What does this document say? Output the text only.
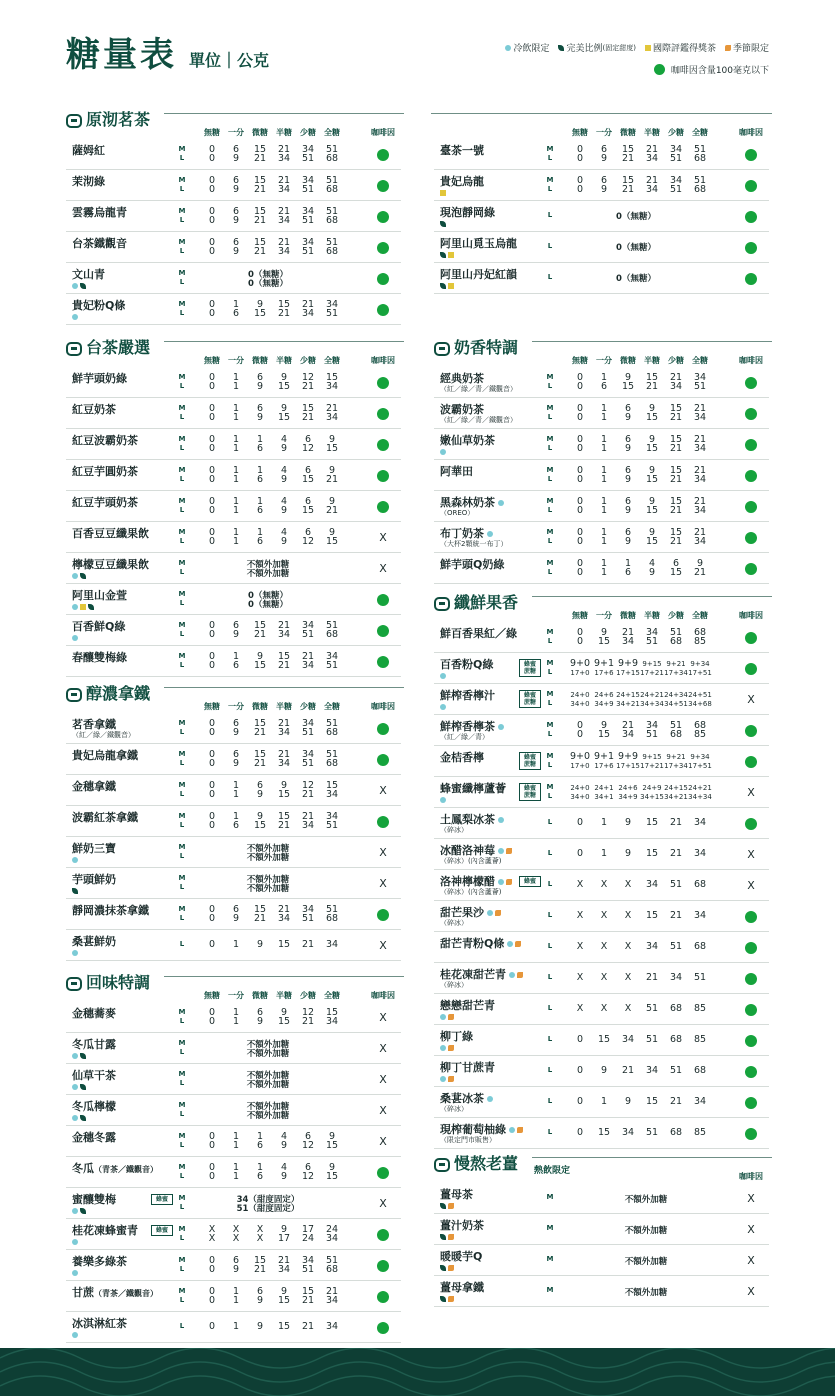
糖量表 單位｜公克
冷飲限定 完美比例 (固定甜度) 國際評鑑得獎茶 季節限定
咖啡因含量100毫克以下
原沏茗茶
無糖	一分	微糖	半糖	少糖	全糖	咖啡因
薩姆紅	M	0	6	15	21	34	51
L	0	9	21	34	51	68
茉沏綠	M	0	6	15	21	34	51
L	0	9	21	34	51	68
雲霧烏龍青	M	0	6	15	21	34	51
L	0	9	21	34	51	68
台茶鐵觀音	M	0	6	15	21	34	51
L	0	9	21	34	51	68
文山青	M	0（無糖）
L	0（無糖）
貴妃粉Q條	M	0	1	9	15	21	34
L	0	6	15	21	34	51
台茶嚴選
無糖	一分	微糖	半糖	少糖	全糖	咖啡因
鮮芋頭奶綠	M	0	1	6	9	12	15
L	0	1	9	15	21	34
紅豆奶茶	M	0	1	6	9	15	21
L	0	1	9	15	21	34
紅豆波霸奶茶	M	0	1	1	4	6	9
L	0	1	6	9	12	15
紅豆芋圓奶茶	M	0	1	1	4	6	9
L	0	1	6	9	15	21
紅豆芋頭奶茶	M	0	1	1	4	6	9
L	0	1	6	9	15	21
百香豆豆纖果飲	M	0	1	1	4	6	9
L	0	1	6	9	12	15	X
檸檬豆豆纖果飲	M	不額外加糖
L	不額外加糖	X
阿里山金萱	M	0（無糖）
L	0（無糖）
百香鮮Q綠	M	0	6	15	21	34	51
L	0	9	21	34	51	68
春釀雙梅綠	M	0	1	9	15	21	34
L	0	6	15	21	34	51
醇濃拿鐵
無糖	一分	微糖	半糖	少糖	全糖	咖啡因
茗香拿鐵
（紅／綠／鐵觀音）
M	0	6	15	21	34	51
L	0	9	21	34	51	68
貴妃烏龍拿鐵	M	0	6	15	21	34	51
L	0	9	21	34	51	68
金穗拿鐵	M	0	1	6	9	12	15
L	0	1	9	15	21	34	X
波霸紅茶拿鐵	M	0	1	9	15	21	34
L	0	6	15	21	34	51
鮮奶三寶	M	不額外加糖
L	不額外加糖	X
芋頭鮮奶	M	不額外加糖
L	不額外加糖	X
靜岡濃抹茶拿鐵	M	0	6	15	21	34	51
L	0	9	21	34	51	68
桑葚鮮奶	L	0	1	9	15	21	34	X
回味特調
無糖	一分	微糖	半糖	少糖	全糖	咖啡因
金穗蕎麥	M	0	1	6	9	12	15
L	0	1	9	15	21	34	X
冬瓜甘露	M	不額外加糖
L	不額外加糖	X
仙草干茶	M	不額外加糖
L	不額外加糖	X
冬瓜檸檬	M	不額外加糖
L	不額外加糖	X
金穗冬露	M	0	1	1	4	6	9
L	0	1	6	9	12	15	X
冬瓜（青茶／鐵觀音）	M	0	1	1	4	6	9
L	0	1	6	9	12	15
蜜釀雙梅	蜂蜜	M	34（甜度固定）
L	51（甜度固定）	X
桂花凍蜂蜜青	蜂蜜	M	X	X	X	9	17	24
L	X	X	X	17	24	34
養樂多綠茶	M	0	6	15	21	34	51
L	0	9	21	34	51	68
甘蔗（青茶／鐵觀音）	M	0	1	6	9	15	21
L	0	1	9	15	21	34
冰淇淋紅茶	L	0	1	9	15	21	34
無糖	一分	微糖	半糖	少糖	全糖	咖啡因
臺茶一號	M	0	6	15	21	34	51
L	0	9	21	34	51	68
貴妃烏龍	M	0	6	15	21	34	51
L	0	9	21	34	51	68
現泡靜岡綠	L	0（無糖）
阿里山覓玉烏龍	L	0（無糖）
阿里山丹妃紅韻	L	0（無糖）
奶香特調
無糖	一分	微糖	半糖	少糖	全糖	咖啡因
經典奶茶
（紅／綠／青／鐵觀音）
M	0	1	9	15	21	34
L	0	6	15	21	34	51
波霸奶茶
（紅／綠／青／鐵觀音）
M	0	1	6	9	15	21
L	0	1	9	15	21	34
嫩仙草奶茶	M	0	1	6	9	15	21
L	0	1	9	15	21	34
阿華田	M	0	1	6	9	15	21
L	0	1	9	15	21	34
黑森林奶茶
（OREO）
M	0	1	6	9	15	21
L	0	1	9	15	21	34
布丁奶茶
（大杯2顆統一布丁）
M	0	1	6	9	15	21
L	0	1	9	15	21	34
鮮芋頭Q奶綠	M	0	1	1	4	6	9
L	0	1	6	9	15	21
纖鮮果香
無糖	一分	微糖	半糖	少糖	全糖	咖啡因
鮮百香果紅／綠	M	0	9	21	34	51	68
L	0	15	34	51	68	85
百香粉Q綠	蜂蜜 蔗糖
M 9+0 9+1 9+9 9+15 9+21 9+34
L	17+0 17+6 17+15 17+21 17+34 17+51
鮮榨香檸汁	蜂蜜 蔗糖
M	24+0 24+6 24+15 24+21 24+34 24+51
L	34+0 34+9 34+21 34+34 34+51 34+68	X
鮮榨香檸茶
（紅／綠／青）
M	0	9	21	34	51	68
L	0	15	34	51	68	85
金桔香檸	蜂蜜 蔗糖
M 9+0 9+1 9+9 9+15 9+21 9+34
L	17+0 17+6 17+15 17+21 17+34 17+51
蜂蜜纖檸蘆薈	蜂蜜 蔗糖
M	24+0 24+1 24+6 24+9 24+15 24+21
L	34+0 34+1 34+9 34+15 34+21 34+34	X
土鳳梨冰茶
（碎冰）
L	0	1	9	15	21	34
冰醋洛神莓
（碎冰）(內含蘆薈)
L	0	1	9	15	21	34	X
洛神檸檬醋
（碎冰）(內含蘆薈)
蜂蜜	L	X	X	X	34	51	68	X
甜芒果沙
（碎冰）
L	X	X	X	15	21	34
甜芒青粉Q條	L	X	X	X	34	51	68
桂花凍甜芒青
（碎冰）
L	X	X	X	21	34	51
戀戀甜芒青	L	X	X	X	51	68	85
柳丁綠	L	0	15	34	51	68	85
柳丁甘蔗青	L	0	9	21	34	51	68
桑葚冰茶
（碎冰）
L	0	1	9	15	21	34
現榨葡萄柚綠
（限定門市販售）
L	0	15	34	51	68	85
慢熬老薑 熱飲限定
咖啡因
薑母茶	M	不額外加糖	X
薑汁奶茶	M	不額外加糖	X
暖暖芋Q	M	不額外加糖	X
薑母拿鐵	M	不額外加糖	X
